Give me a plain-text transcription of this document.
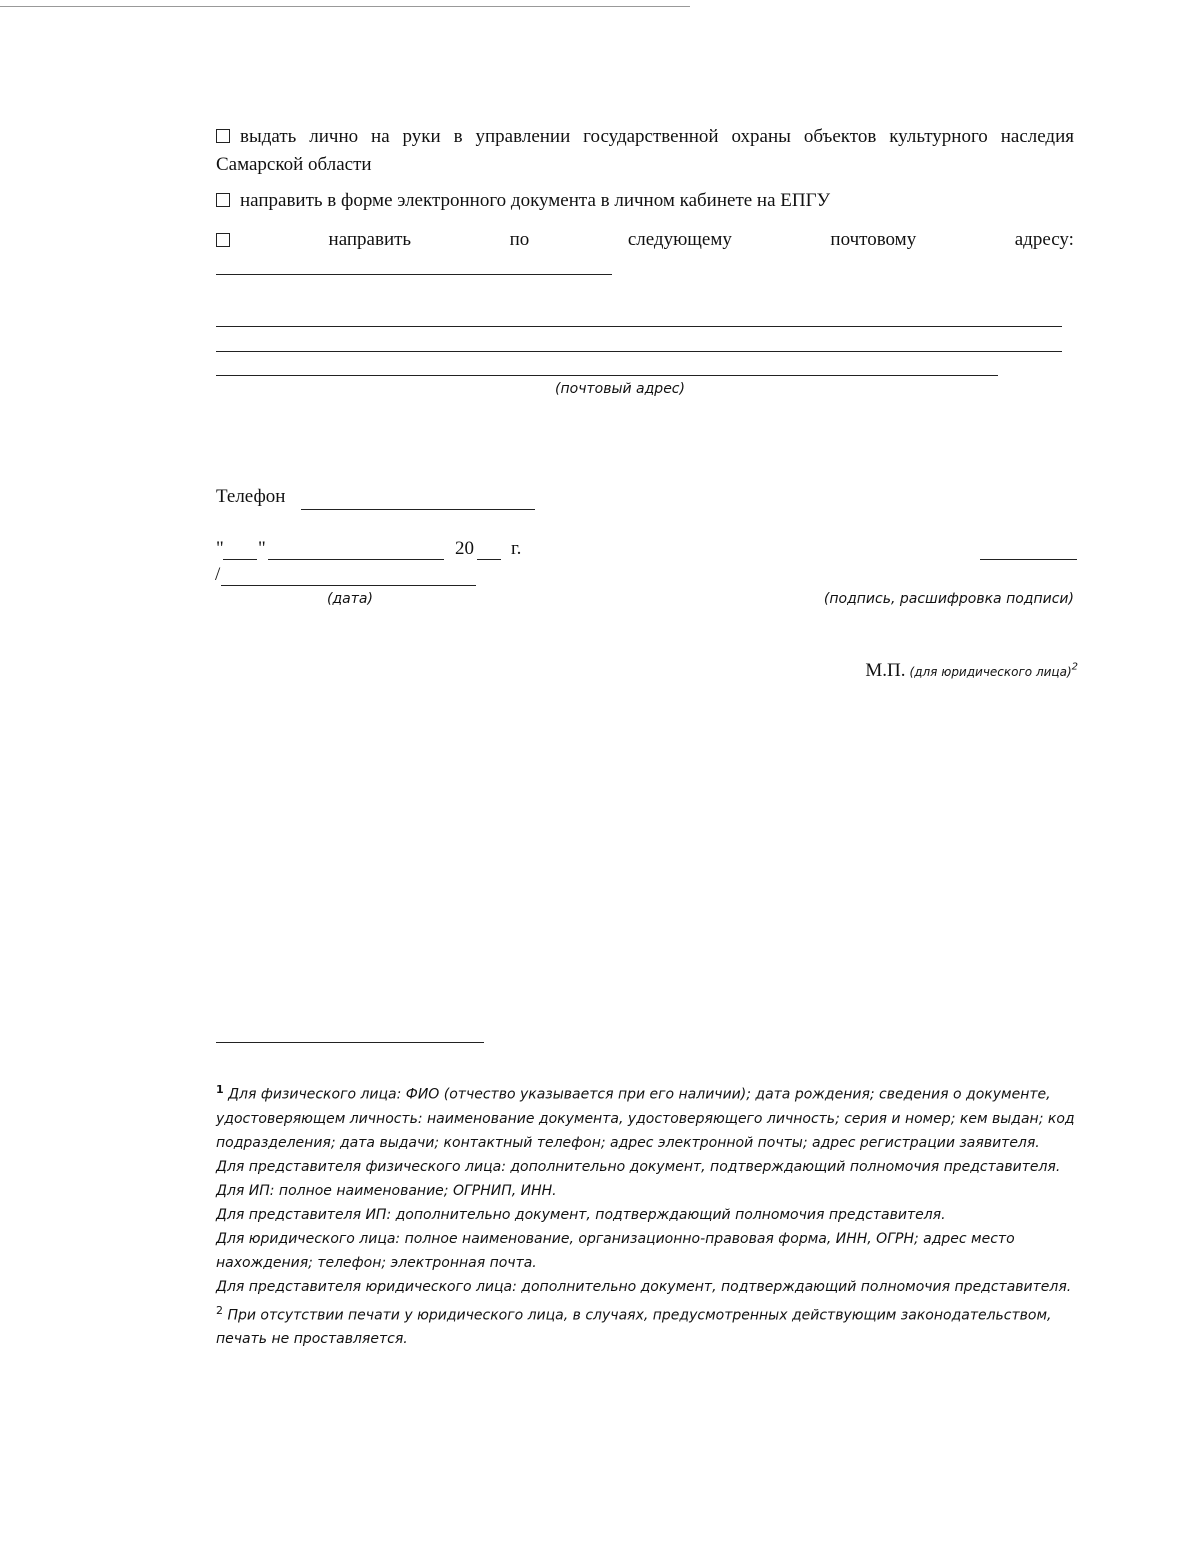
выдать лично на руки в управлении государственной охраны объектов культурного наследия Самарской области
направить в форме электронного документа в личном кабинете на ЕПГУ
направить	по	следующему	почтовому	адресу:
(почтовый адрес)
Телефон
" "	20 г.
/
(дата)	(подпись, расшифровка подписи)
М.П. (для юридического лица)$^2$

$^1$ Для физического лица: ФИО (отчество указывается при его наличии); дата рождения; сведения о документе, удостоверяющем личность: наименование документа, удостоверяющего личность; серия и номер; кем выдан; код подразделения; дата выдачи; контактный телефон; адрес электронной почты; адрес регистрации заявителя.

Для представителя физического лица: дополнительно документ, подтверждающий полномочия представителя.

Для ИП: полное наименование; ОГРНИП, ИНН.

Для представителя ИП: дополнительно документ, подтверждающий полномочия представителя.

Для юридического лица: полное наименование, организационно-правовая форма, ИНН, ОГРН; адрес место нахождения; телефон; электронная почта.

Для представителя юридического лица: дополнительно документ, подтверждающий полномочия представителя.

$^2$ При отсутствии печати у юридического лица, в случаях, предусмотренных действующим законодательством, печать не проставляется.
